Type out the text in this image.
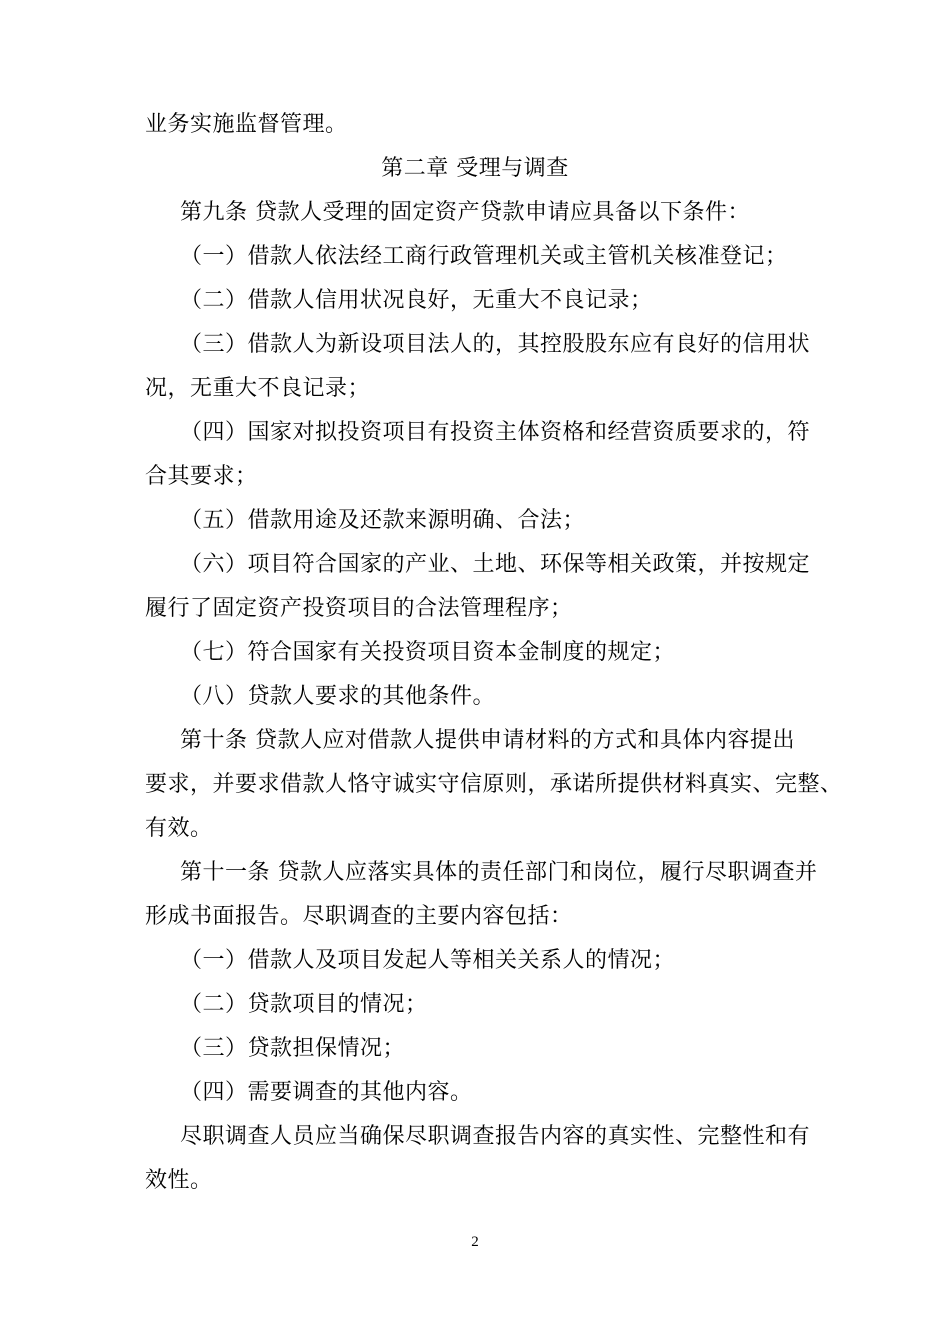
业务实施监督管理。
第二章 受理与调查
第九条 贷款人受理的固定资产贷款申请应具备以下条件：
（一）借款人依法经工商行政管理机关或主管机关核准登记；
（二）借款人信用状况良好，无重大不良记录；
（三）借款人为新设项目法人的，其控股股东应有良好的信用状
况，无重大不良记录；
（四）国家对拟投资项目有投资主体资格和经营资质要求的，符
合其要求；
（五）借款用途及还款来源明确、合法；
（六）项目符合国家的产业、土地、环保等相关政策，并按规定
履行了固定资产投资项目的合法管理程序；
（七）符合国家有关投资项目资本金制度的规定；
（八）贷款人要求的其他条件。
第十条 贷款人应对借款人提供申请材料的方式和具体内容提出
要求，并要求借款人恪守诚实守信原则，承诺所提供材料真实、完整、
有效。
第十一条 贷款人应落实具体的责任部门和岗位，履行尽职调查并
形成书面报告。尽职调查的主要内容包括：
（一）借款人及项目发起人等相关关系人的情况；
（二）贷款项目的情况；
（三）贷款担保情况；
（四）需要调查的其他内容。
尽职调查人员应当确保尽职调查报告内容的真实性、完整性和有
效性。
2
